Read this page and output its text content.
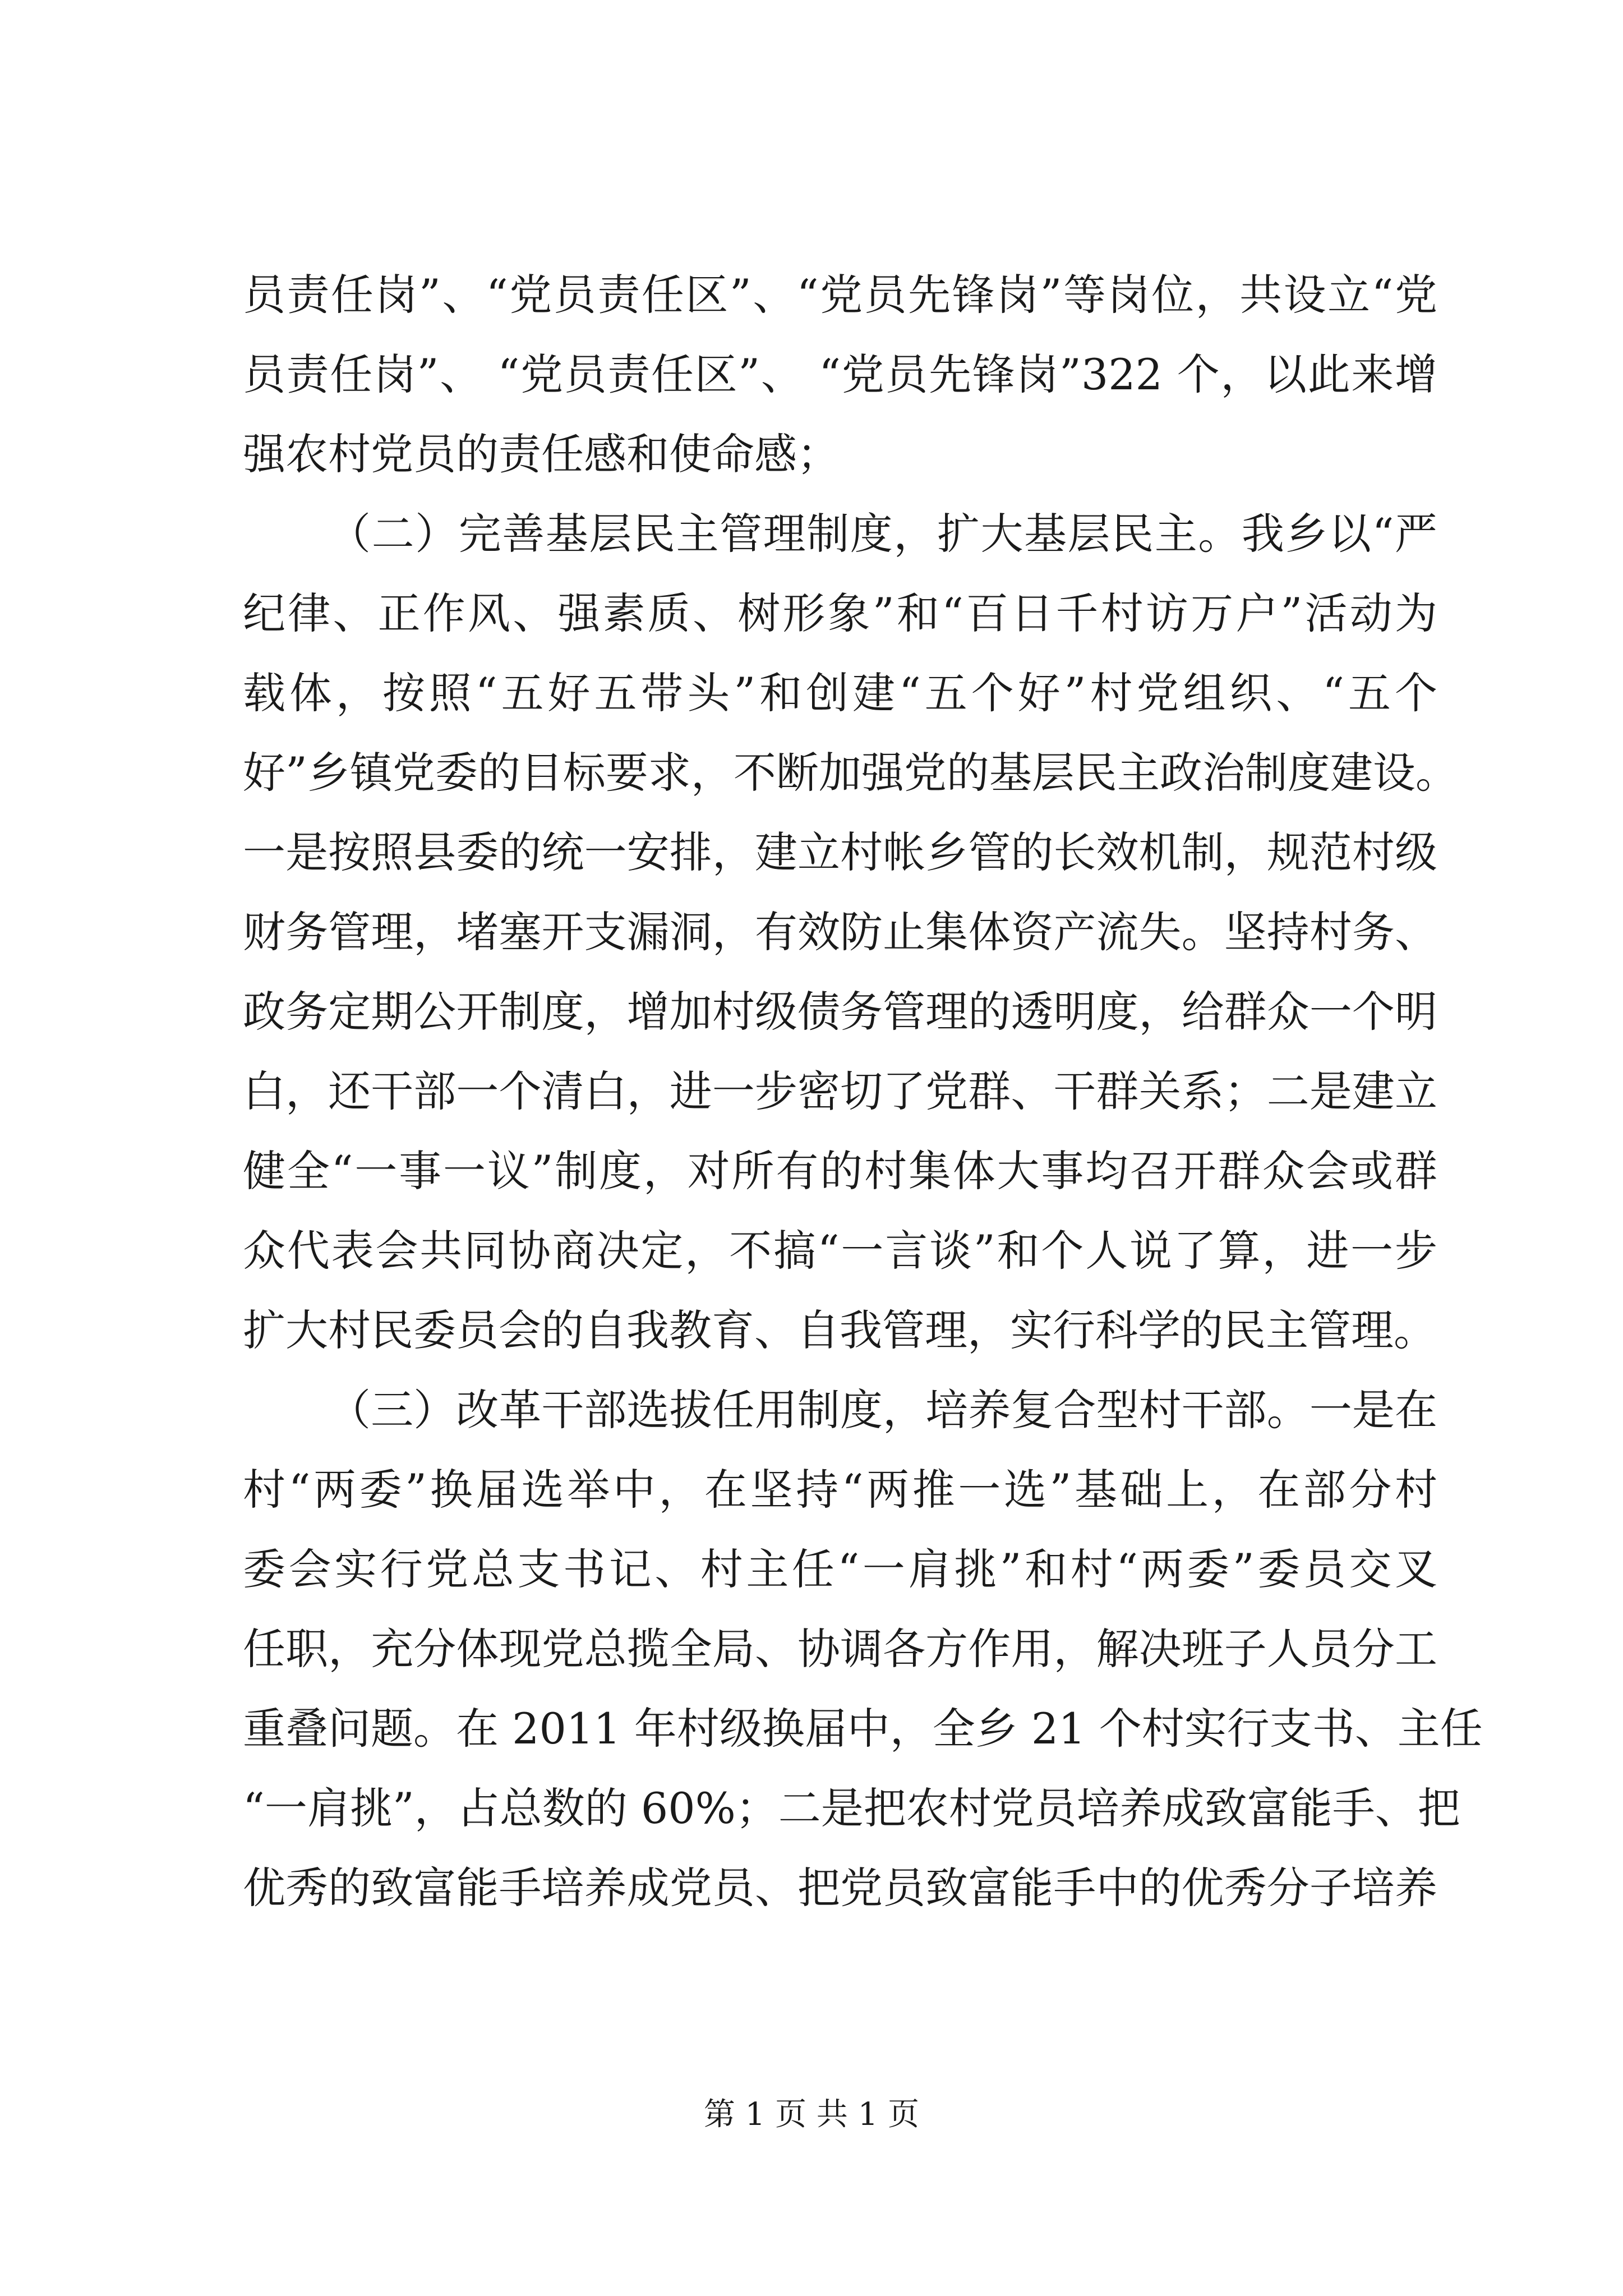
员责任岗”、“党员责任区”、“党员先锋岗”等岗位，共设立“党
员责任岗”、 “党员责任区”、 “党员先锋岗”322 个，以此来增
强农村党员的责任感和使命感；
（二）完善基层民主管理制度，扩大基层民主。我乡以“严
纪律、正作风、强素质、树形象”和“百日千村访万户”活动为
载体，按照“五好五带头”和创建“五个好”村党组织、“五个
好”乡镇党委的目标要求，不断加强党的基层民主政治制度建设。
一是按照县委的统一安排，建立村帐乡管的长效机制，规范村级
财务管理，堵塞开支漏洞，有效防止集体资产流失。坚持村务、
政务定期公开制度，增加村级债务管理的透明度，给群众一个明
白，还干部一个清白，进一步密切了党群、干群关系；二是建立
健全“一事一议”制度，对所有的村集体大事均召开群众会或群
众代表会共同协商决定，不搞“一言谈”和个人说了算，进一步
扩大村民委员会的自我教育、自我管理，实行科学的民主管理。
（三）改革干部选拔任用制度，培养复合型村干部。一是在
村“两委”换届选举中，在坚持“两推一选”基础上，在部分村
委会实行党总支书记、村主任“一肩挑”和村“两委”委员交叉
任职，充分体现党总揽全局、协调各方作用，解决班子人员分工
重叠问题。在 2011 年村级换届中，全乡 21 个村实行支书、主任
“一肩挑”，占总数的 60%；二是把农村党员培养成致富能手、把
优秀的致富能手培养成党员、把党员致富能手中的优秀分子培养
第 1 页 共 1 页
